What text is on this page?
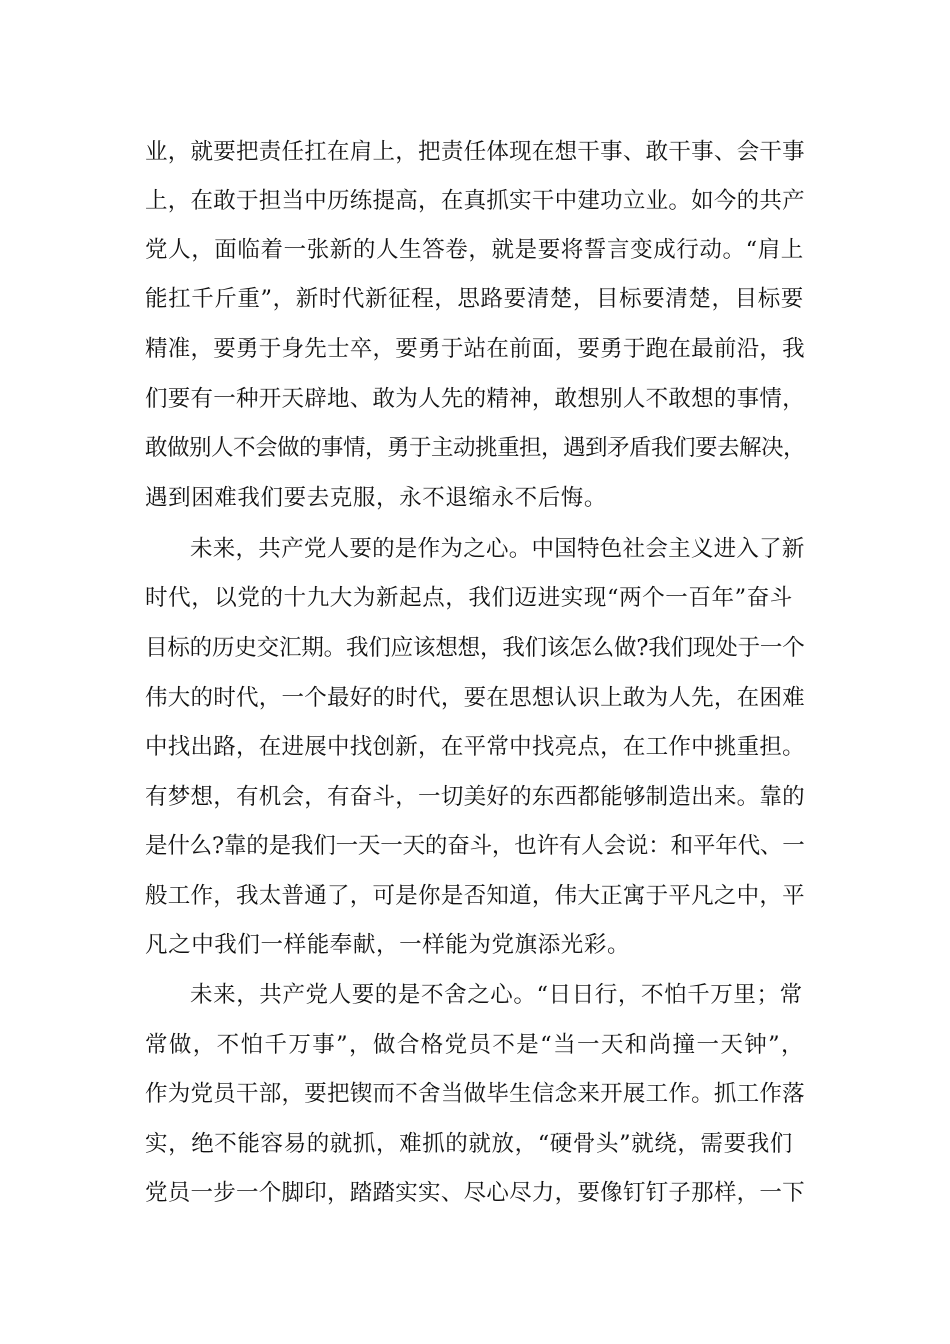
业，就要把责任扛在肩上，把责任体现在想干事、敢干事、会干事
上，在敢于担当中历练提高，在真抓实干中建功立业。如今的共产
党人，面临着一张新的人生答卷，就是要将誓言变成行动。“肩上
能扛千斤重”，新时代新征程，思路要清楚，目标要清楚，目标要
精准，要勇于身先士卒，要勇于站在前面，要勇于跑在最前沿，我
们要有一种开天辟地、敢为人先的精神，敢想别人不敢想的事情，
敢做别人不会做的事情，勇于主动挑重担，遇到矛盾我们要去解决，
遇到困难我们要去克服，永不退缩永不后悔。
未来，共产党人要的是作为之心。中国特色社会主义进入了新
时代，以党的十九大为新起点，我们迈进实现“两个一百年”奋斗
目标的历史交汇期。我们应该想想，我们该怎么做?我们现处于一个
伟大的时代，一个最好的时代，要在思想认识上敢为人先，在困难
中找出路，在进展中找创新，在平常中找亮点，在工作中挑重担。
有梦想，有机会，有奋斗，一切美好的东西都能够制造出来。靠的
是什么?靠的是我们一天一天的奋斗，也许有人会说：和平年代、一
般工作，我太普通了，可是你是否知道，伟大正寓于平凡之中，平
凡之中我们一样能奉献，一样能为党旗添光彩。
未来，共产党人要的是不舍之心。“日日行，不怕千万里；常
常做，不怕千万事”，做合格党员不是“当一天和尚撞一天钟”，
作为党员干部，要把锲而不舍当做毕生信念来开展工作。抓工作落
实，绝不能容易的就抓，难抓的就放，“硬骨头”就绕，需要我们
党员一步一个脚印，踏踏实实、尽心尽力，要像钉钉子那样，一下
